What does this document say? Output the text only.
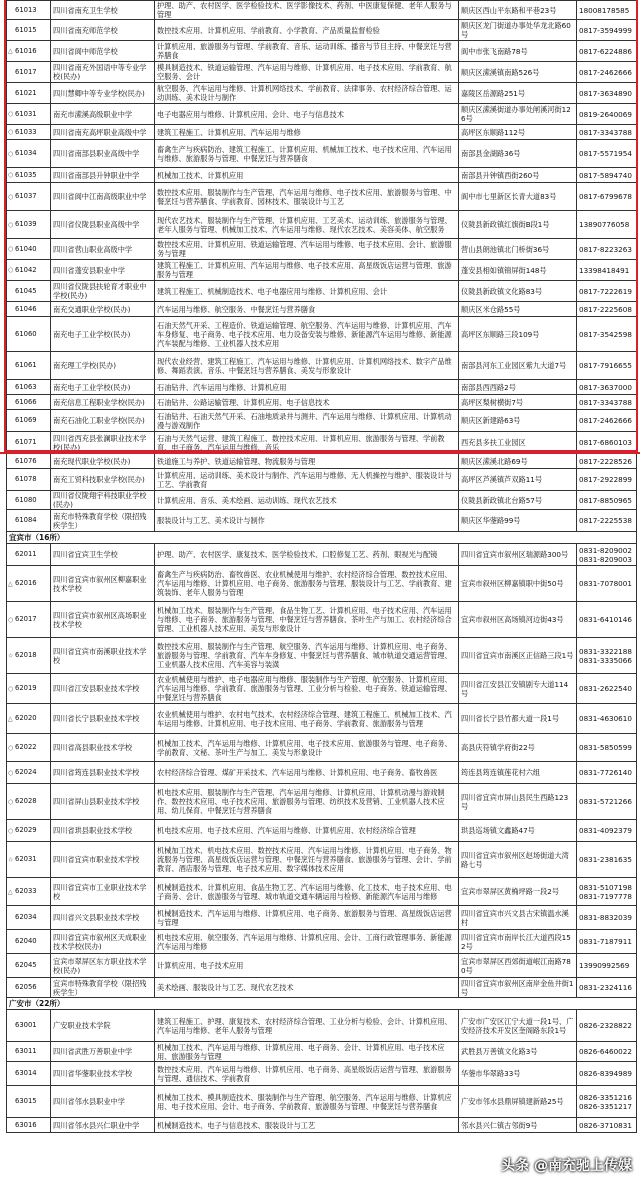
61013	四川省南充卫生学校	护理、助产、农村医学、医学检验技术、医学影像技术、药剂、中医康复保健、老年人服务与管理	顺庆区西山平东路和平巷23号	18008178585

61015	四川省南充师范学校	数控技术应用、计算机应用、学前教育、小学教育、产品质量监督检验	顺庆区龙门街道办事处华龙北路60号	0817-3594999

△ 61016	四川省阆中师范学校	计算机应用、旅游服务与管理、学前教育、音乐、运动训练、播音与节目主持、中餐烹饪与营养膳食	阆中市张飞南路78号	0817-6224886

61017	四川省南充外国语中等专业学校(民办)	模具制造技术、铁道运输管理、汽车运用与维修、计算机应用、电子技术应用、学前教育、航空服务、会计	顺庆区潆溪镇南路526号	0817-2462666

61021	四川慧卿中等专业学校(民办)	航空服务、汽车运用与维修、计算机网络技术、学前教育、法律事务、农村经济综合管理、运动训练、美术设计与制作	嘉陵区岳源路251号	0817-3634890

○ 61031	南充市潆溪高级职业中学	电子电器应用与维修、计算机应用、会计、电子与信息技术	顺庆区潆溪街道办事处闸溪河街126号	0819-2640069

○ 61033	四川省南充高坪职业高级中学	建筑工程施工、计算机应用、汽车运用与维修	高坪区东顺路112号	0817-3343788

○ 61034	四川省南部县职业高级中学	畜禽生产与疾病防治、建筑工程施工、计算机应用、机械加工技术、电子技术应用、汽车运用与维修、旅游服务与管理、中餐烹饪与营养膳食	南部县金湖路36号	0817-5571954

○ 61035	四川省南部县升钟职业中学	机械加工技术、计算机应用	南部县升钟镇西街260号	0817-5894740

○ 61037	四川省阆中江南高级职业中学	数控技术应用、服装制作与生产管理、汽车运用与维修、电子技术应用、旅游服务与管理、中餐烹饪与营养膳食、学前教育、园林技术、服装设计与工艺	阆中市七里新区长青大道83号	0817-6799678

○ 61039	四川省仪陇县职业高级中学	现代农艺技术、服装制作与生产管理、计算机应用、工艺美术、运动训练、旅游服务与管理、老年人服务与管理、机械加工技术、汽车运用与维修、现代农艺技术、美容美体、航空服务	仪陇县新政镇红旗街B段1号	13890776058

○ 61040	四川省营山职业高级中学	数控技术应用、计算机应用、铁道运输管理、汽车运用与维修、电子技术应用、会计、旅游服务与管理	营山县朗池镇北门桥街36号	0817-8223263

○ 61042	四川省蓬安县职业中学	建筑工程施工、计算机应用、汽车运用与维修、电子技术应用、高星级饭店运营与管理、旅游服务与管理	蓬安县相如镇锦屏街148号	13398418491

61045	四川省仪陇县扶轮育才职业中学校(民办)	建筑工程施工、机械制造技术、电子电器应用与维修、计算机应用、会计	仪陇县新政镇文化路83号	0817-7222619

61046	南充交通职业学校(民办)	汽车运用与维修、航空服务、中餐烹饪与营养膳食	顺庆区米仓路55号	0817-2225608

61060	南充电子工业学校(民办)	石油天然气开采、工程造价、铁道运输管理、航空服务、汽车运用与维修、计算机应用、汽车车身修复、电子商务、电子技术应用、电力设备安装与维修、新能源汽车运用与维修、新能源汽车装配与维修、工业机器人技术应用	高坪区东顺路三段109号	0817-3542598

61061	南充理工学校(民办)	现代农业经营、建筑工程施工、汽车运用与维修、计算机应用、计算机网络技术、数字产品维修、舞蹈表演、音乐、中餐烹饪与营养膳食、美发与形象设计	南部县河东工业园区紫九大道7号	0817-7916655

61063	南充电子工业学校(民办)	石油钻井、汽车运用与维修、计算机应用	南部县西西路2号	0817-3637000

61066	南充信息工程职业学校(民办)	石油钻井、公路运输管理、计算机应用、电子信息技术	高坪区梨树横街7号	0817-3343788

61069	南充石油化工职业学校(民办)	石油钻井、石油天然气开采、石油地质录井与测井、汽车运用与维修、计算机应用、计算机动漫与游戏制作	顺庆区新建路63号	0817-2462666

61071	四川省西充县张澜职业技术学校(民办)	石油与天然气运营、建筑工程施工、数控技术应用、计算机应用、旅游服务与管理、学前教育、电子商务、汽车运用与维修、音乐	西充县多扶工业园区	0817-6860103

61076	南充现代职业学校(民办)	铁道施工与养护、铁道运输管理、物流服务与管理	顺庆区潆溪北路69号	0817-2228526

61078	南充工贸科技职业学校(民办)	计算机应用、运动训练、美术设计与制作、汽车运用与维修、无人机操控与维护、服装设计与工艺、学前教育	高坪区芦溪镇芦双路11号	0817-2922899

61080	四川省仪陇翔宇科技职业学校(民办)	计算机应用、音乐、美术绘画、运动训练、现代农艺技术	仪陇县新政镇北台路57号	0817-8850965

61084	南充市特殊教育学校（限招残疾学生）	服装设计与工艺、美术设计与制作	顺庆区华蓥路99号	0817-2225538
宜宾市（16所）				

62011	四川省宜宾卫生学校	护理、助产、农村医学、康复技术、医学检验技术、口腔修复工艺、药剂、眼视光与配镜	四川省宜宾市叙州区瑞源路300号	0831-8209002 0831-8209003

△ 62016	四川省宜宾市叙州区柳嘉职业技术学校	畜禽生产与疾病防治、畜牧兽医、农业机械使用与维护、农村经济综合管理、数控技术应用、汽车运用与维修、计算机应用、电子商务、旅游服务与管理、服装设计与工艺、学前教育、建筑装饰、老年人服务与管理	宜宾市叙州区柳嘉镇职中街50号	0831-7078001

○ 62017	四川省宜宾市叙州区高场职业技术学校	机械加工技术、服装制作与生产管理、食品生物工艺、计算机应用、电子技术应用、汽车运用与维修、电子商务、旅游服务与管理、中餐烹饪与营养膳食、茶叶生产与加工、农村经济综合管理、工业机器人技术应用、美发与形象设计	宜宾市叙州区高场镇河边街43号	0831-6410146

☆ 62018	四川省宜宾市南溪职业技术学校	数控技术应用、服装制作与生产管理、航空服务、汽车运用与维修、计算机应用、电子商务、旅游服务与管理、学前教育、汽车车身修复、中餐烹饪与营养膳食、城市轨道交通运营管理、工业机器人技术应用、汽车美容与装潢	四川省宜宾市南溪区正信路三段1号	0831-3322188 0831-3335066

○ 62019	四川省江安县职业技术学校	农业机械使用与维护、电子电器应用与维修、服装制作与生产管理、航空服务、计算机应用、汽车运用与维修、学前教育、旅游服务与管理、工业分析与检验、电子商务、铁道运输管理、中餐烹饪与营养膳食	四川省江安县江安镇剧专大道114号	0831-2622540

△ 62020	四川省长宁县职业技术学校	农业机械使用与维护、农村电气技术、农村经济综合管理、建筑工程施工、机械加工技术、汽车运用与维修、计算机应用、电子技术应用、电子商务、学前教育、旅游服务与管理	四川省长宁县竹都大道一段1号	0831-4630610

○ 62022	四川省高县职业技术学校	机械加工技术、汽车运用与维修、计算机应用、电子技术应用、旅游服务与管理、电子商务、学前教育、文秘、茶叶生产与加工、美发与形象设计	高县庆符镇学府街22号	0831-5850599

○ 62024	四川省筠连县职业技术学校	农村经济综合管理、煤矿开采技术、汽车运用与维修、计算机应用、电子商务、畜牧兽医	筠连县筠连镇莲花村六组	0831-7726140

○ 62028	四川省屏山县职业技术学校	机电技术应用、服装制作与生产管理、汽车运用与维修、计算机应用、计算机动漫与游戏制作、数控技术应用、电子技术应用、旅游服务与管理、纺织技术及营销、工业机器人技术应用、幼儿保育、中餐烹饪与营养膳食	四川省宜宾市屏山县民生西路123号	0831-5721266

○ 62029	四川省珙县职业技术学校	机电技术应用、电子技术应用、汽车运用与维修、计算机应用、农村经济综合管理	珙县巡场镇文鑫路47号	0831-4092379

☆ 62031	四川省宜宾市职业技术学校	机械加工技术、机电技术应用、数控技术应用、汽车运用与维修、计算机应用、电子商务、物流服务与管理、高星级饭店运营与管理、中餐烹饪与营养膳食、旅游服务与管理、会计、学前教育、酒店服务与管理、电子技术应用、数字媒体技术应用	四川省宜宾市叙州区赵场街道大湾路七号	0831-2381635

△ 62033	四川省宜宾市工业职业技术学校	机械制造技术、计算机应用、食品生物工艺、汽车运用与维修、化工技术、电子技术应用、电子商务、会计、旅游服务与管理、城市轨道交通车辆运用与检修、新能源汽车运用与维修	宜宾市翠屏区黄桷坪路一段2号	0831-5107198 0831-7197778

62034	四川省兴文县职业技术学校	机械制造技术、汽车运用与维修、计算机应用、电子商务、旅游服务与管理、高星级饭店运营与管理	四川省宜宾市兴文县古宋镇温水溪村	0831-8832039

62040	四川省宜宾市叙州区天成职业技术学校(民办)	机电技术应用、航空服务、汽车运用与维修、计算机应用、会计、工商行政管理事务、新能源汽车运用与维修	四川省宜宾市南岸长江大道西段152号	0831-7187911

62045	宜宾市翠屏区东方职业技术学校(民办)	计算机应用、电子技术应用	宜宾市翠屏区西郊街道岷江南路780号	13990992569

62056	宜宾市特殊教育学校（限招残疾学生）	美术绘画、服装设计与工艺、现代农艺技术	四川省宜宾市叙州区南岸金鱼井街1号	0831-2324116
广安市（22所）				

63001	广安职业技术学院	建筑工程施工、护理、康复技术、农村经济综合管理、工业分析与检验、会计、计算机应用、汽车运用与维修、老年人服务与管理	广安市广安区江宁大道一段1号、广安经济技术开发区奎阁路东段1号	0826-2328822

63011	四川省武胜万善职业中学	机械加工技术、汽车运用与维修、计算机应用、电子商务、会计、计算机应用、电子技术应用、旅游服务与管理	武胜县万善镇文化路3号	0826-6460022

63014	四川省华蓥职业技术学校	数控技术应用、汽车运用与维修、计算机应用、电子商务、高星级饭店运营与管理、旅游服务与管理、通信技术、学前教育	华蓥市华翠路33号	0826-8394989

63015	四川省邻水县职业中学	机械加工技术、模具制造技术、服装制作与生产管理、航空服务、汽车运用与维修、计算机应用、电子技术应用、会计、电子商务、学前教育、旅游服务与管理、中餐烹饪与营养膳食	广安市邻水县鼎屏镇建新路25号	0826-3351216 0826-3351217

63016	四川省邻水县兴仁职业中学	机械制造技术、电子与信息技术、服装设计与工艺	邻水县兴仁镇古邻街9号	0826-3710831
头条 @南充驰上传媒
